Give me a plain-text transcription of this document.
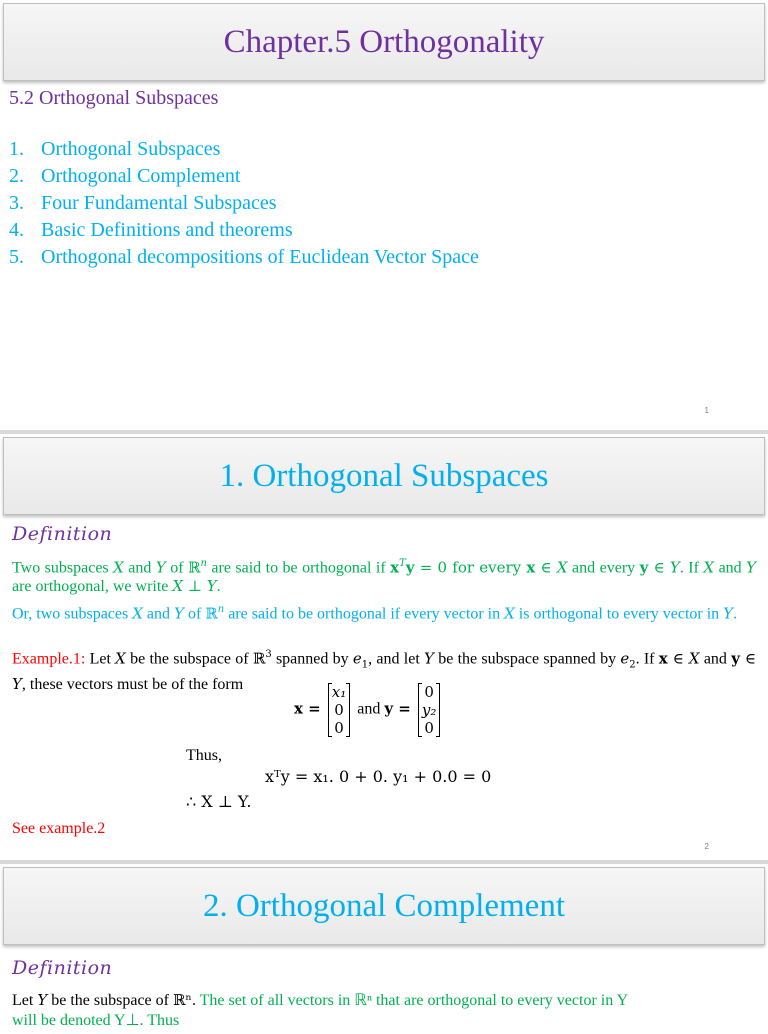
Chapter.5 Orthogonality
5.2 Orthogonal Subspaces
1. Orthogonal Subspaces
2. Orthogonal Complement
3. Four Fundamental Subspaces
4. Basic Definitions and theorems
5. Orthogonal decompositions of Euclidean Vector Space
1
1. Orthogonal Subspaces
Definition
Two subspaces X and Y of ℝ$^n$ are said to be orthogonal if $x^Ty = 0$ for every x ∈ X and every y ∈ Y. If X and Y are orthogonal, we write X ⊥ Y.
Or, two subspaces X and Y of ℝ$^n$ are said to be orthogonal if every vector in X is orthogonal to every vector in Y.
Example.1: Let X be the subspace of ℝ$^3$ spanned by $e_1$, and let Y be the subspace spanned by $e_2$. If x ∈ X and y ∈ Y, these vectors must be of the form
x =
x₁
0
0
and y =
0
y₂
0
Thus,
xᵀy = x₁. 0 + 0. y₁ + 0.0 = 0
∴ X ⊥ Y.
See example.2
2
2. Orthogonal Complement
Definition
Let Y be the subspace of ℝⁿ. The set of all vectors in ℝⁿ that are orthogonal to every vector in Y
will be denoted Y⊥. Thus
